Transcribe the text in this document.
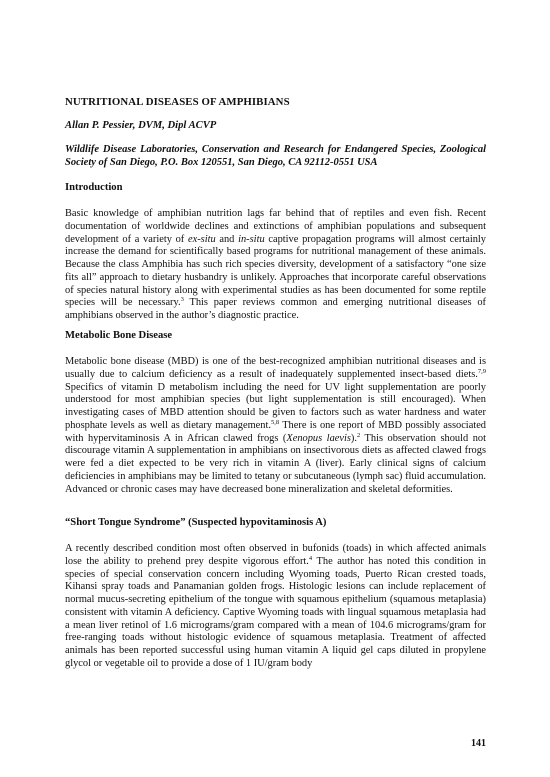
NUTRITIONAL DISEASES OF AMPHIBIANS
Allan P. Pessier, DVM, Dipl ACVP
Wildlife Disease Laboratories, Conservation and Research for Endangered Species, Zoological Society of San Diego, P.O. Box 120551, San Diego, CA 92112-0551 USA
Introduction

Basic knowledge of amphibian nutrition lags far behind that of reptiles and even fish. Recent documentation of worldwide declines and extinctions of amphibian populations and subsequent development of a variety of ex-situ and in-situ captive propagation programs will almost certainly increase the demand for scientifically based programs for nutritional management of these animals. Because the class Amphibia has such rich species diversity, development of a satisfactory “one size fits all” approach to dietary husbandry is unlikely. Approaches that incorporate careful observations of species natural history along with experimental studies as has been documented for some reptile species will be necessary.$^3$ This paper reviews common and emerging nutritional diseases of amphibians observed in the author’s diagnostic practice.

Metabolic Bone Disease

Metabolic bone disease (MBD) is one of the best-recognized amphibian nutritional diseases and is usually due to calcium deficiency as a result of inadequately supplemented insect-based diets.$^{7,9}$ Specifics of vitamin D metabolism including the need for UV light supplementation are poorly understood for most amphibian species (but light supplementation is still encouraged). When investigating cases of MBD attention should be given to factors such as water hardness and water phosphate levels as well as dietary management.$^{5,8}$ There is one report of MBD possibly associated with hypervitaminosis A in African clawed frogs (Xenopus laevis).$^2$ This observation should not discourage vitamin A supplementation in amphibians on insectivorous diets as affected clawed frogs were fed a diet expected to be very rich in vitamin A (liver). Early clinical signs of calcium deficiencies in amphibians may be limited to tetany or subcutaneous (lymph sac) fluid accumulation. Advanced or chronic cases may have decreased bone mineralization and skeletal deformities.

“Short Tongue Syndrome” (Suspected hypovitaminosis A)

A recently described condition most often observed in bufonids (toads) in which affected animals lose the ability to prehend prey despite vigorous effort.$^4$ The author has noted this condition in species of special conservation concern including Wyoming toads, Puerto Rican crested toads, Kihansi spray toads and Panamanian golden frogs. Histologic lesions can include replacement of normal mucus-secreting epithelium of the tongue with squamous epithelium (squamous metaplasia) consistent with vitamin A deficiency. Captive Wyoming toads with lingual squamous metaplasia had a mean liver retinol of 1.6 micrograms/gram compared with a mean of 104.6 micrograms/gram for free-ranging toads without histologic evidence of squamous metaplasia. Treatment of affected animals has been reported successful using human vitamin A liquid gel caps diluted in propylene glycol or vegetable oil to provide a dose of 1 IU/gram body

141
